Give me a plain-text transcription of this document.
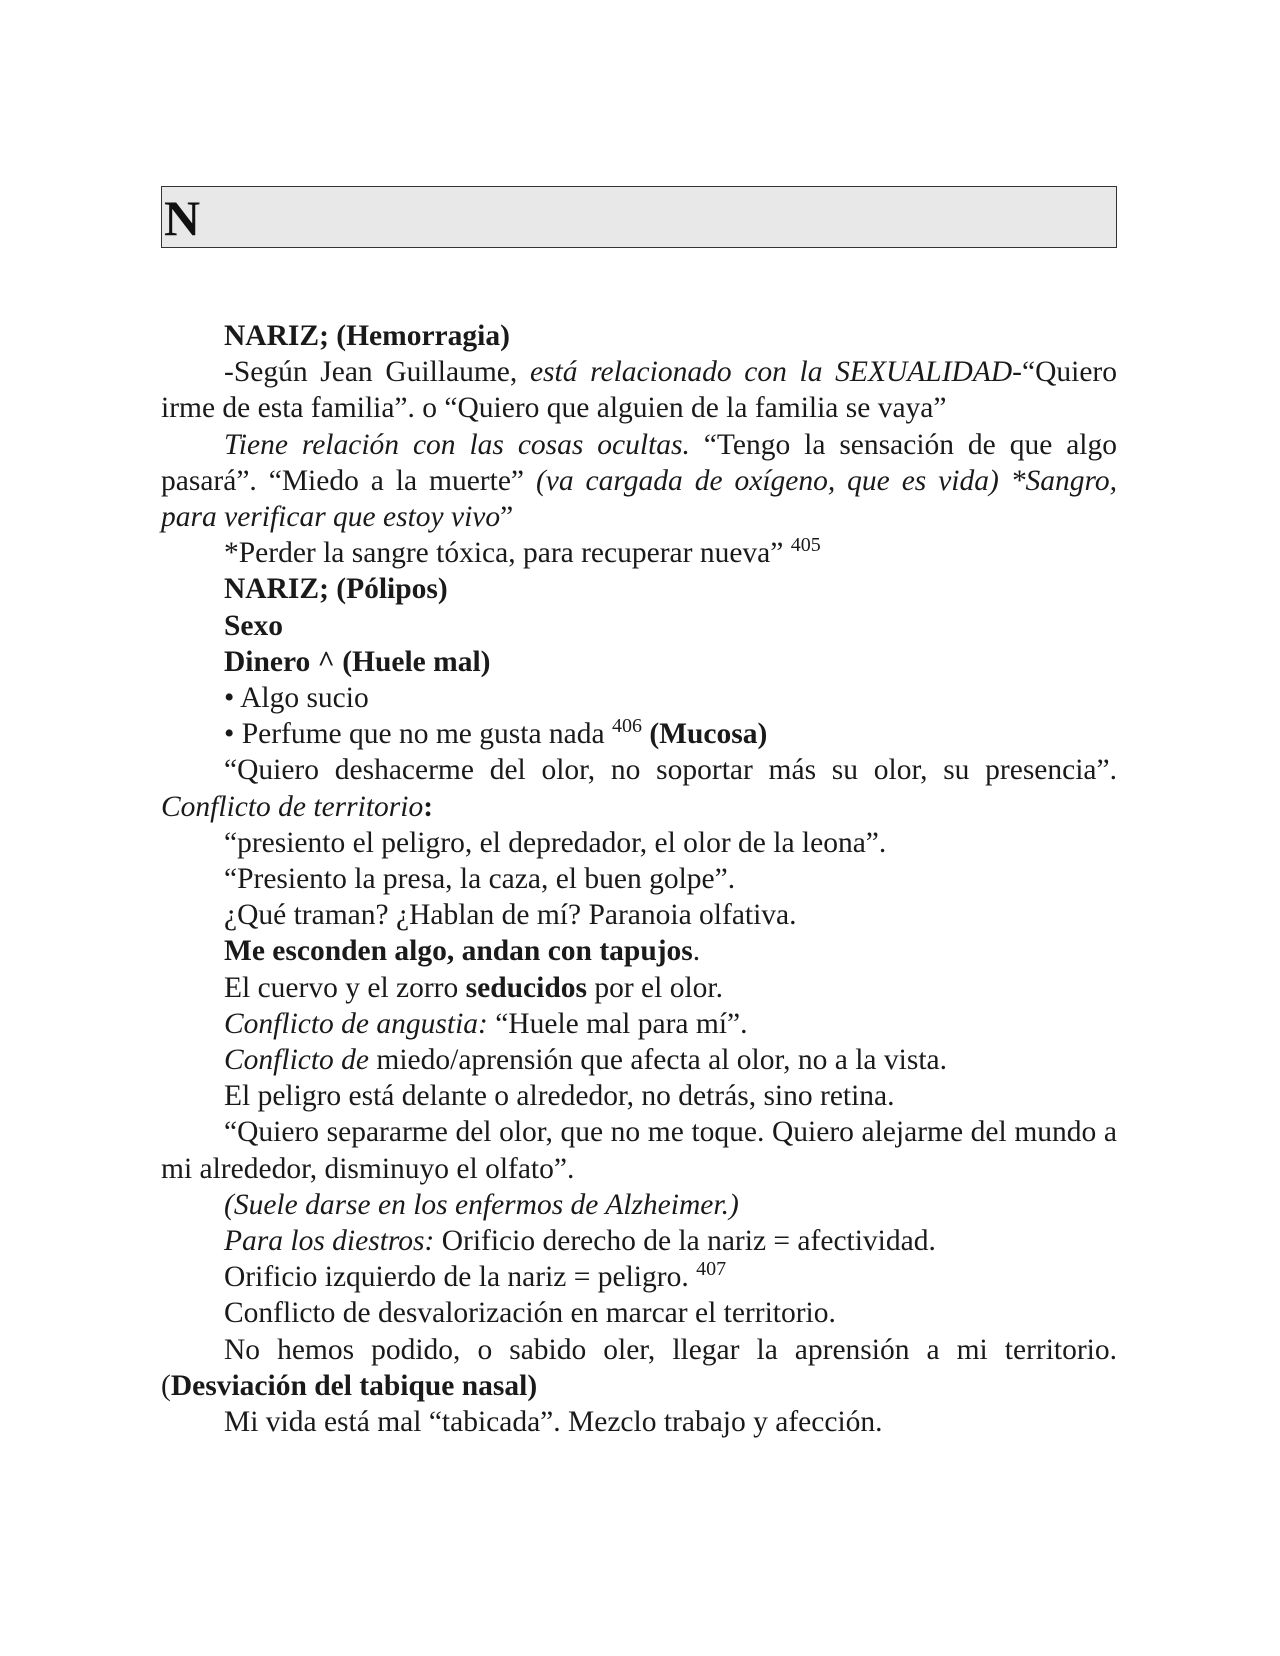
N

NARIZ; (Hemorragia)

-Según Jean Guillaume, está relacionado con la SEXUALIDAD-“Quiero irme de esta familia”. o “Quiero que alguien de la familia se vaya”

Tiene relación con las cosas ocultas. “Tengo la sensación de que algo pasará”. “Miedo a la muerte” (va cargada de oxígeno, que es vida) *Sangro, para verificar que estoy vivo”

*Perder la sangre tóxica, para recuperar nueva” $^{405}$

NARIZ; (Pólipos)

Sexo

Dinero ^ (Huele mal)

• Algo sucio

• Perfume que no me gusta nada $^{406}$ (Mucosa)

“Quiero deshacerme del olor, no soportar más su olor, su presencia”. Conflicto de territorio:

“presiento el peligro, el depredador, el olor de la leona”.

“Presiento la presa, la caza, el buen golpe”.

¿Qué traman? ¿Hablan de mí? Paranoia olfativa.

Me esconden algo, andan con tapujos.

El cuervo y el zorro seducidos por el olor.

Conflicto de angustia: “Huele mal para mí”.

Conflicto de miedo/aprensión que afecta al olor, no a la vista.

El peligro está delante o alrededor, no detrás, sino retina.

“Quiero separarme del olor, que no me toque. Quiero alejarme del mundo a mi alrededor, disminuyo el olfato”.

(Suele darse en los enfermos de Alzheimer.)

Para los diestros: Orificio derecho de la nariz = afectividad.

Orificio izquierdo de la nariz = peligro. $^{407}$

Conflicto de desvalorización en marcar el territorio.

No hemos podido, o sabido oler, llegar la aprensión a mi territorio. (Desviación del tabique nasal)

Mi vida está mal “tabicada”. Mezclo trabajo y afección.
